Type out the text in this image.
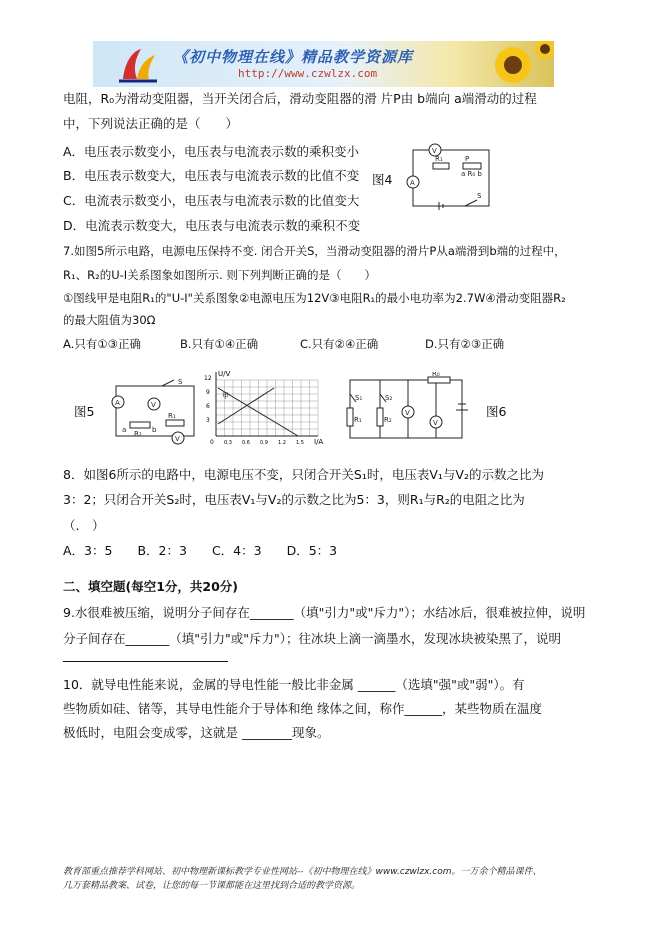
《初中物理在线》精品教学资源库
http://www.czwlzx.com
电阻，R₀为滑动变阻器，当开关闭合后，滑动变阻器的滑 片P由 b端向 a端滑动的过程
中，下列说法正确的是（　　）
A．电压表示数变小，电压表与电流表示数的乘积变小
B．电压表示数变大，电压表与电流表示数的比值不变 图4
C．电流表示数变小，电压表与电流表示数的比值变大
D．电流表示数变大，电压表与电流表示数的乘积不变
V
A
R₁	P
a R₀ b
S
7.如图5所示电路，电源电压保持不变. 闭合开关S，当滑动变阻器的滑片P从a端滑到b端的过程中，
R₁、R₂的U-I关系图象如图所示. 则下列判断正确的是（　　）
①图线甲是电阻R₁的"U-I"关系图象②电源电压为12V③电阻R₁的最小电功率为2.7W④滑动变阻器R₂
的最大阻值为30Ω
A.只有①③正确	B.只有①④正确	C.只有②④正确	D.只有②③正确
图5
A	V
V
S
R₁
a R₂ b
U/V
I/A
甲
12
9
6
3
0 0.3 0.6 0.9 1.2 1.5
S₁	S₂
R₁	R₂
R₀
V
V
图6
8．如图6所示的电路中，电源电压不变，只闭合开关S₁时，电压表V₁与V₂的示数之比为
3：2；只闭合开关S₂时，电压表V₁与V₂的示数之比为5：3，则R₁与R₂的电阻之比为
（.　）
A．3：5　　B．2：3　　C．4：3　　D．5：3
二、填空题(每空1分，共20分)
9.水很难被压缩，说明分子间存在_______（填"引力"或"斥力"）；水结冰后，很难被拉伸，说明
分子间存在_______（填"引力"或"斥力"）；往冰块上滴一滴墨水，发现冰块被染黑了，说明
10．就导电性能来说，金属的导电性能一般比非金属 ______（选填"强"或"弱"）。有
些物质如硅、锗等，其导电性能介于导体和绝 缘体之间，称作______，某些物质在温度
极低时，电阻会变成零，这就是 ________现象。
教育部重点推荐学科网站、初中物理新课标教学专业性网站--《初中物理在线》www.czwlzx.com。一万余个精品课件、
几万套精品教案、试卷，让您的每一节课都能在这里找到合适的教学资源。
